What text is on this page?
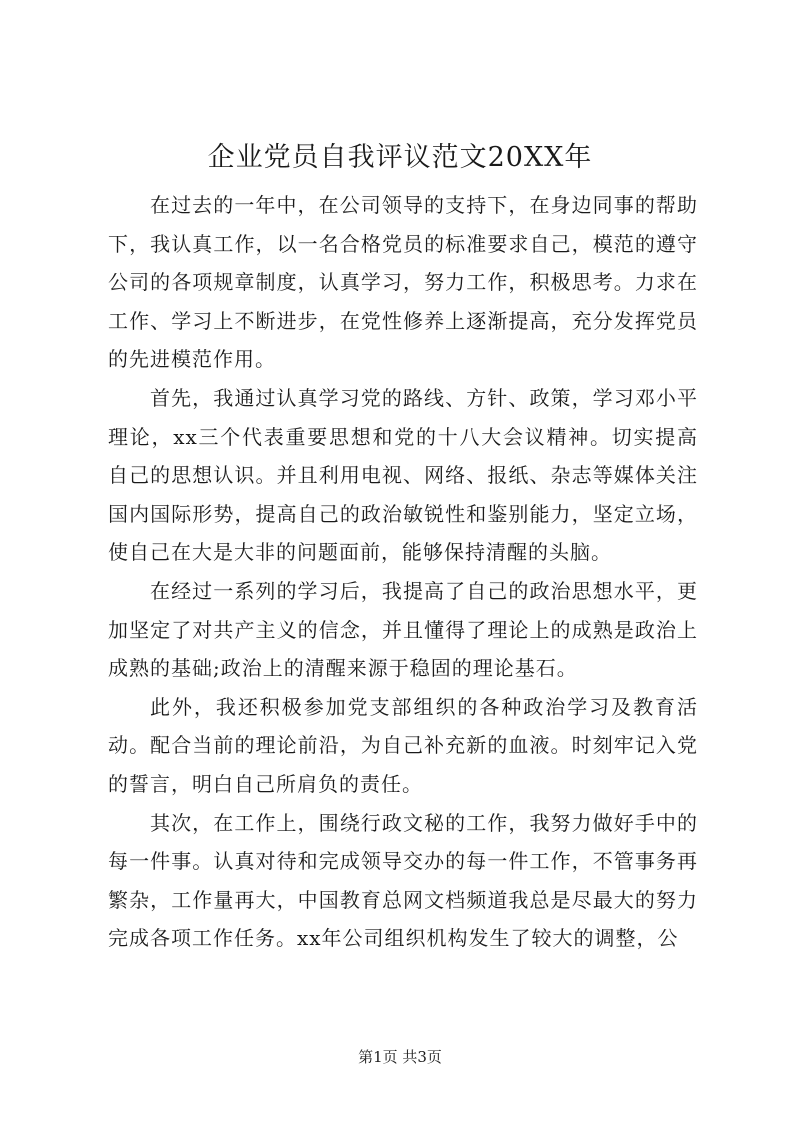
企业党员自我评议范文20XX年

在过去的一年中，在公司领导的支持下，在身边同事的帮助下，我认真工作，以一名合格党员的标准要求自己，模范的遵守公司的各项规章制度，认真学习，努力工作，积极思考。力求在工作、学习上不断进步，在党性修养上逐渐提高，充分发挥党员的先进模范作用。

首先，我通过认真学习党的路线、方针、政策，学习邓小平理论，xx三个代表重要思想和党的十八大会议精神。切实提高自己的思想认识。并且利用电视、网络、报纸、杂志等媒体关注国内国际形势，提高自己的政治敏锐性和鉴别能力，坚定立场，使自己在大是大非的问题面前，能够保持清醒的头脑。

在经过一系列的学习后，我提高了自己的政治思想水平，更加坚定了对共产主义的信念，并且懂得了理论上的成熟是政治上成熟的基础;政治上的清醒来源于稳固的理论基石。

此外，我还积极参加党支部组织的各种政治学习及教育活动。配合当前的理论前沿，为自己补充新的血液。时刻牢记入党的誓言，明白自己所肩负的责任。

其次，在工作上，围绕行政文秘的工作，我努力做好手中的每一件事。认真对待和完成领导交办的每一件工作，不管事务再繁杂，工作量再大，中国教育总网文档频道我总是尽最大的努力完成各项工作任务。xx年公司组织机构发生了较大的调整，公

第1页 共3页
